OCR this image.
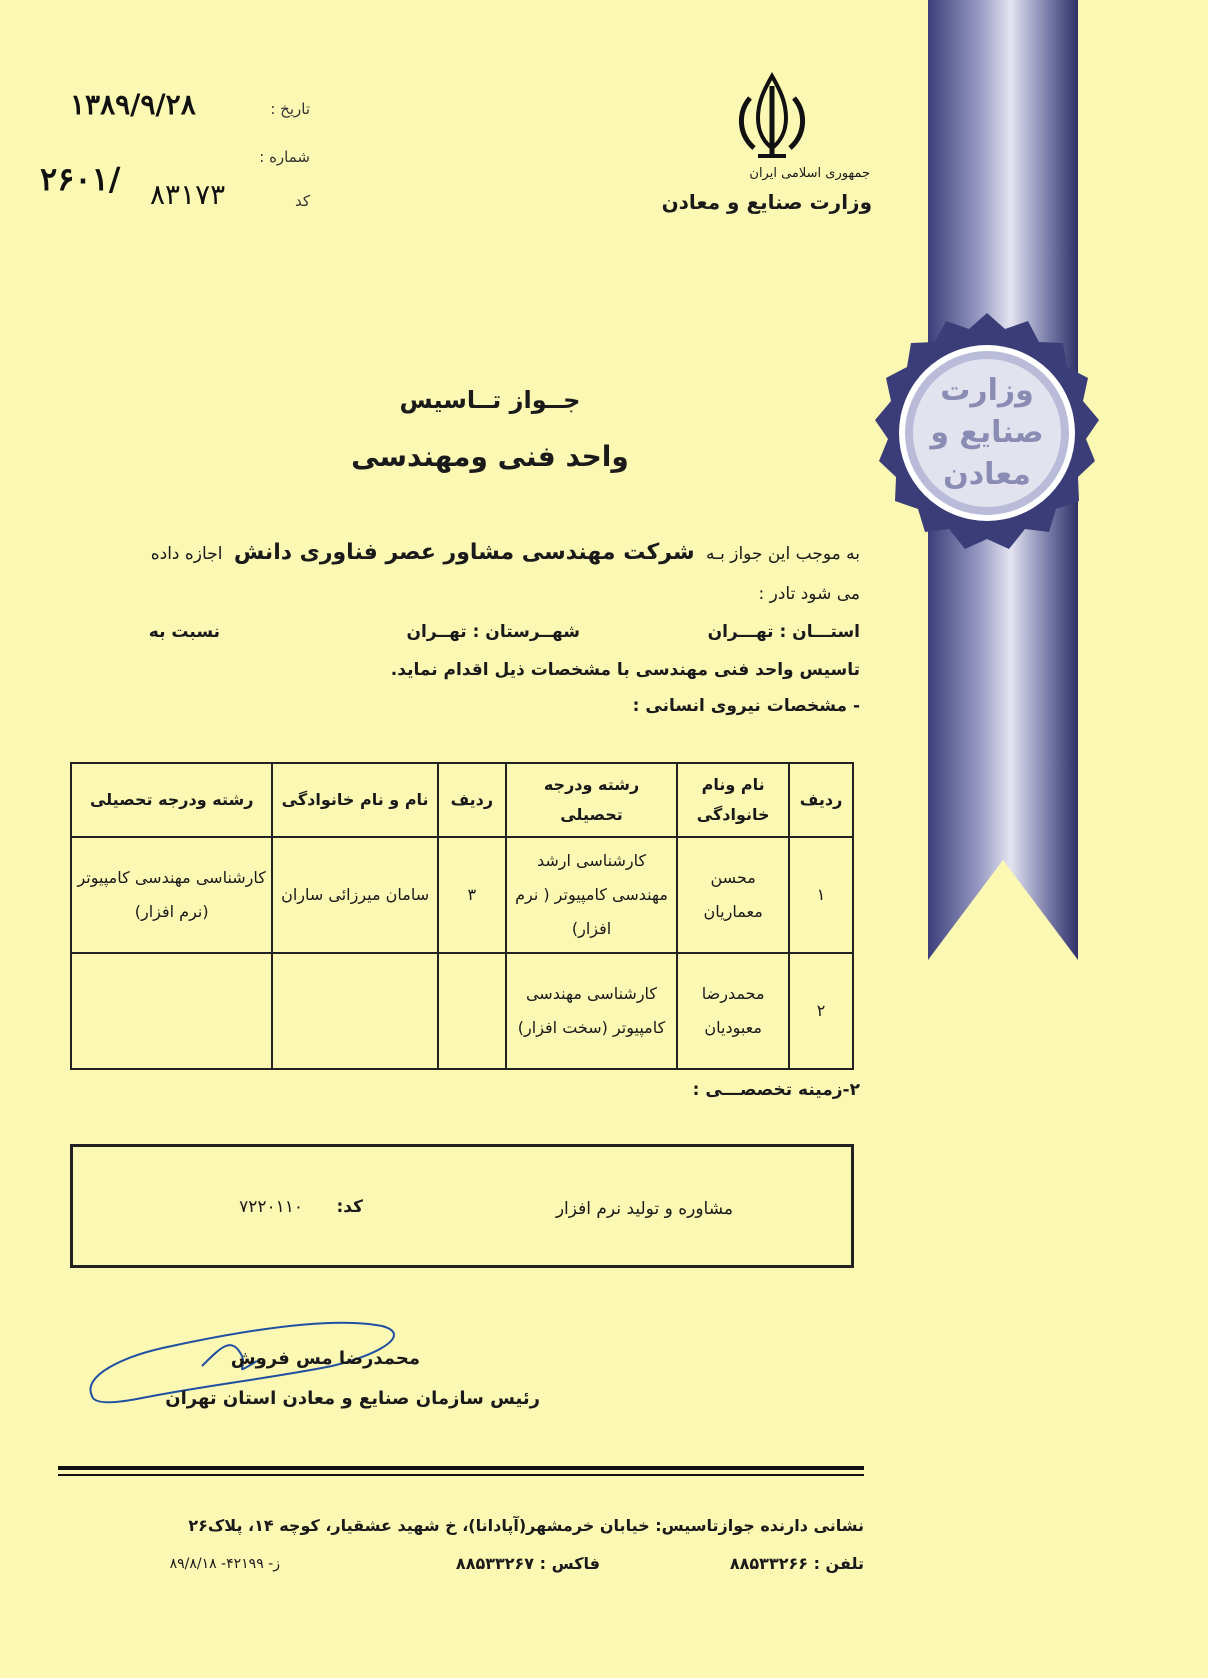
جمهوری اسلامی ایران
وزارت صنایع و معادن
تاریخ :
۱۳۸۹/۹/۲۸
شماره :
۲۶۰۱/
کد
۸۳۱۷۳
وزارت
صنایع و
معادن
جــواز تــاسیس
واحد فنی ومهندسی
به موجب این جواز بـه شرکت مهندسی مشاور عصر فناوری دانش اجازه داده
می شود تادر :
استـــان : تهـــران
شهــرستان : تهــران
نسبت به
تاسیس واحد فنی مهندسی با مشخصات ذیل اقدام نماید.
- مشخصات نیروی انسانی :
ردیف	نام ونام خانوادگی	رشته ودرجه تحصیلی	ردیف	نام و نام خانوادگی	رشته ودرجه تحصیلی
۱	محسن معماریان	کارشناسی ارشد مهندسی کامپیوتر ( نرم افزار)	۳	سامان میرزائی ساران	کارشناسی مهندسی کامپیوتر (نرم افزار)
۲	محمدرضا معبودیان	کارشناسی مهندسی کامپیوتر (سخت افزار)			
۲-زمینه تخصصـــی :
مشاوره و تولید نرم افزار
کد:
۷۲۲۰۱۱۰
محمدرضا مس فروش
رئیس سازمان صنایع و معادن استان تهران
نشانی دارنده جوازتاسیس: خیابان خرمشهر(آپادانا)، خ شهید عشقیار، کوچه ۱۴، پلاک۲۶
تلفن : ۸۸۵۳۳۲۶۶
فاکس : ۸۸۵۳۳۲۶۷
ز- ۴۲۱۹۹- ۸۹/۸/۱۸
